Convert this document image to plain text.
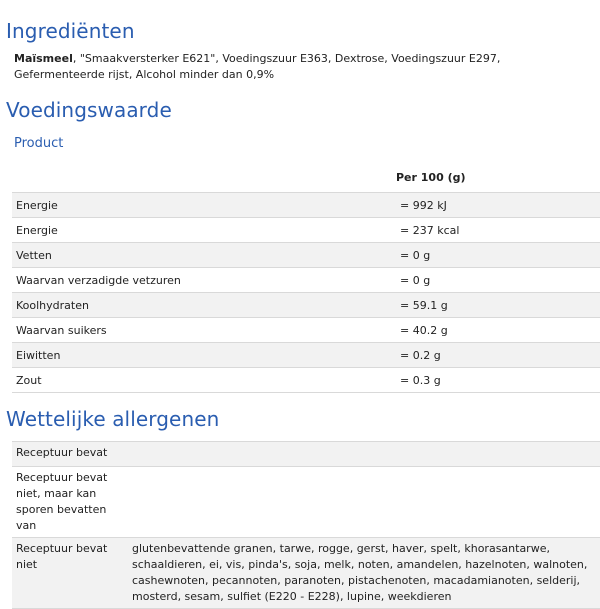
Ingrediënten

Maïsmeel, "Smaakversterker E621", Voedingszuur E363, Dextrose, Voedingszuur E297, Gefermenteerde rijst, Alcohol minder dan 0,9%

Voedingswaarde
Product
	Per 100 (g)
Energie	= 992 kJ
Energie	= 237 kcal
Vetten	= 0 g
Waarvan verzadigde vetzuren	= 0 g
Koolhydraten	= 59.1 g
Waarvan suikers	= 40.2 g
Eiwitten	= 0.2 g
Zout	= 0.3 g
Wettelijke allergenen
Receptuur bevat	
Receptuur bevat niet, maar kan sporen bevatten van	
Receptuur bevat niet	glutenbevattende granen, tarwe, rogge, gerst, haver, spelt, khorasantarwe, schaaldieren, ei, vis, pinda's, soja, melk, noten, amandelen, hazelnoten, walnoten, cashewnoten, pecannoten, paranoten, pistachenoten, macadamianoten, selderij, mosterd, sesam, sulfiet (E220 - E228), lupine, weekdieren
